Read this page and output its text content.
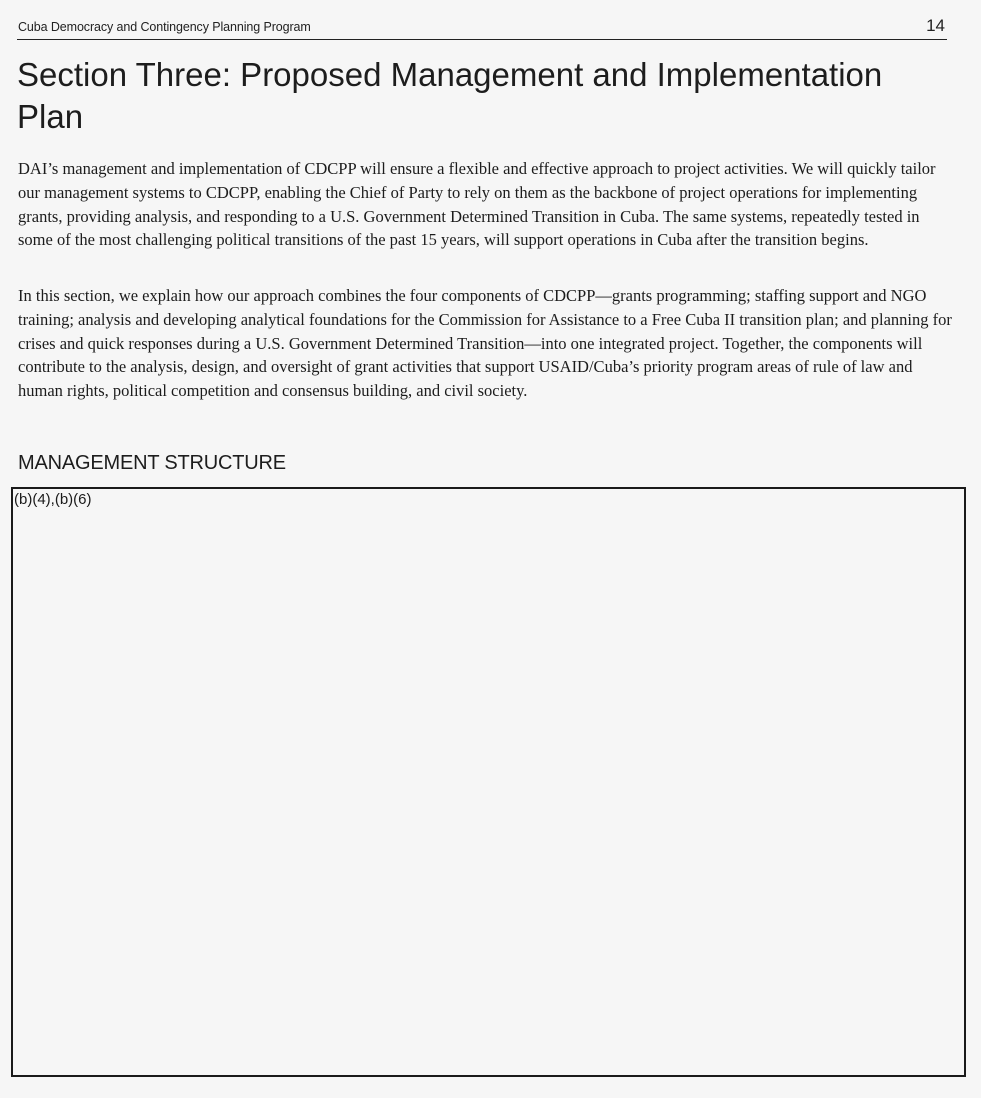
Cuba Democracy and Contingency Planning Program	14
Section Three: Proposed Management and Implementation Plan

DAI’s management and implementation of CDCPP will ensure a flexible and effective approach to project activities. We will quickly tailor our management systems to CDCPP, enabling the Chief of Party to rely on them as the backbone of project operations for implementing grants, providing analysis, and responding to a U.S. Government Determined Transition in Cuba. The same systems, repeatedly tested in some of the most challenging political transitions of the past 15 years, will support operations in Cuba after the transition begins.

In this section, we explain how our approach combines the four components of CDCPP—grants programming; staffing support and NGO training; analysis and developing analytical foundations for the Commission for Assistance to a Free Cuba II transition plan; and planning for crises and quick responses during a U.S. Government Determined Transition—into one integrated project. Together, the components will contribute to the analysis, design, and oversight of grant activities that support USAID/Cuba’s priority program areas of rule of law and human rights, political competition and consensus building, and civil society.

MANAGEMENT STRUCTURE
(b)(4),(b)(6)
